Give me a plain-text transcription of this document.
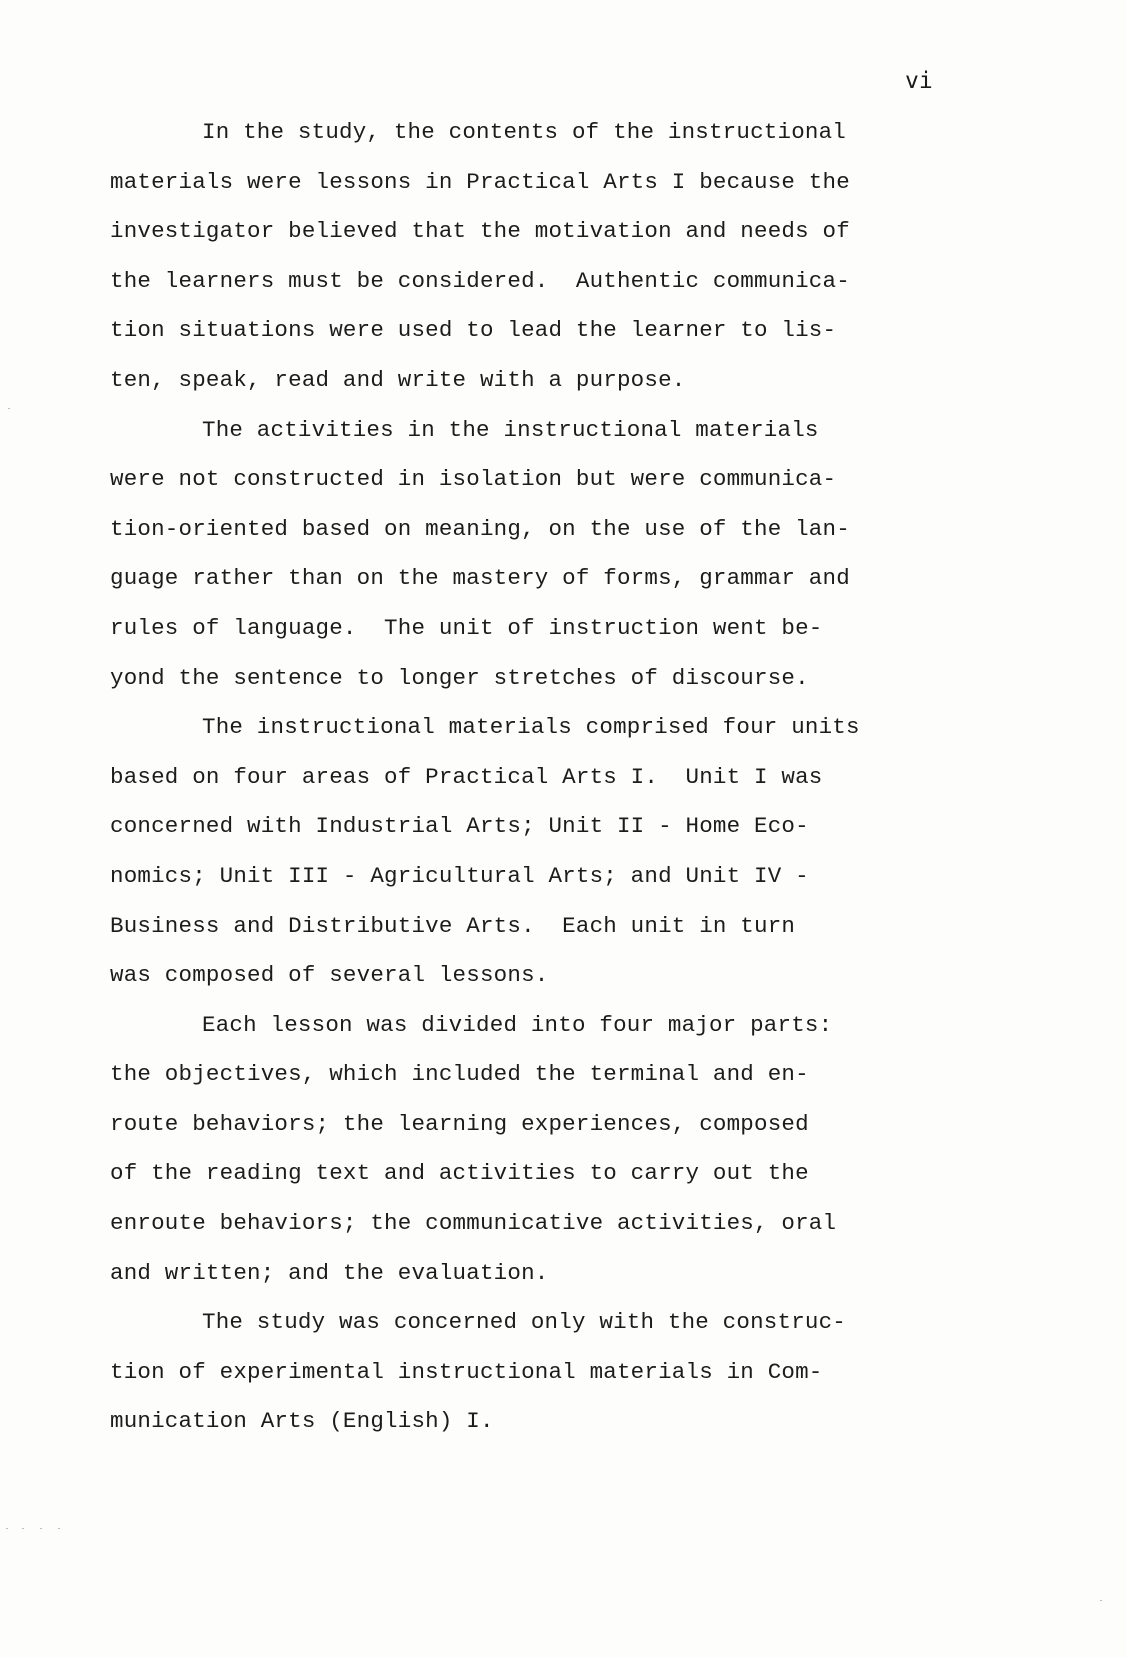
vi
In the study, the contents of the instructional
materials were lessons in Practical Arts I because the
investigator believed that the motivation and needs of
the learners must be considered.  Authentic communica-
tion situations were used to lead the learner to lis-
ten, speak, read and write with a purpose.
The activities in the instructional materials
were not constructed in isolation but were communica-
tion-oriented based on meaning, on the use of the lan-
guage rather than on the mastery of forms, grammar and
rules of language.  The unit of instruction went be-
yond the sentence to longer stretches of discourse.
The instructional materials comprised four units
based on four areas of Practical Arts I.  Unit I was
concerned with Industrial Arts; Unit II - Home Eco-
nomics; Unit III - Agricultural Arts; and Unit IV -
Business and Distributive Arts.  Each unit in turn
was composed of several lessons.
Each lesson was divided into four major parts:
the objectives, which included the terminal and en-
route behaviors; the learning experiences, composed
of the reading text and activities to carry out the
enroute behaviors; the communicative activities, oral
and written; and the evaluation.
The study was concerned only with the construc-
tion of experimental instructional materials in Com-
munication Arts (English) I.
